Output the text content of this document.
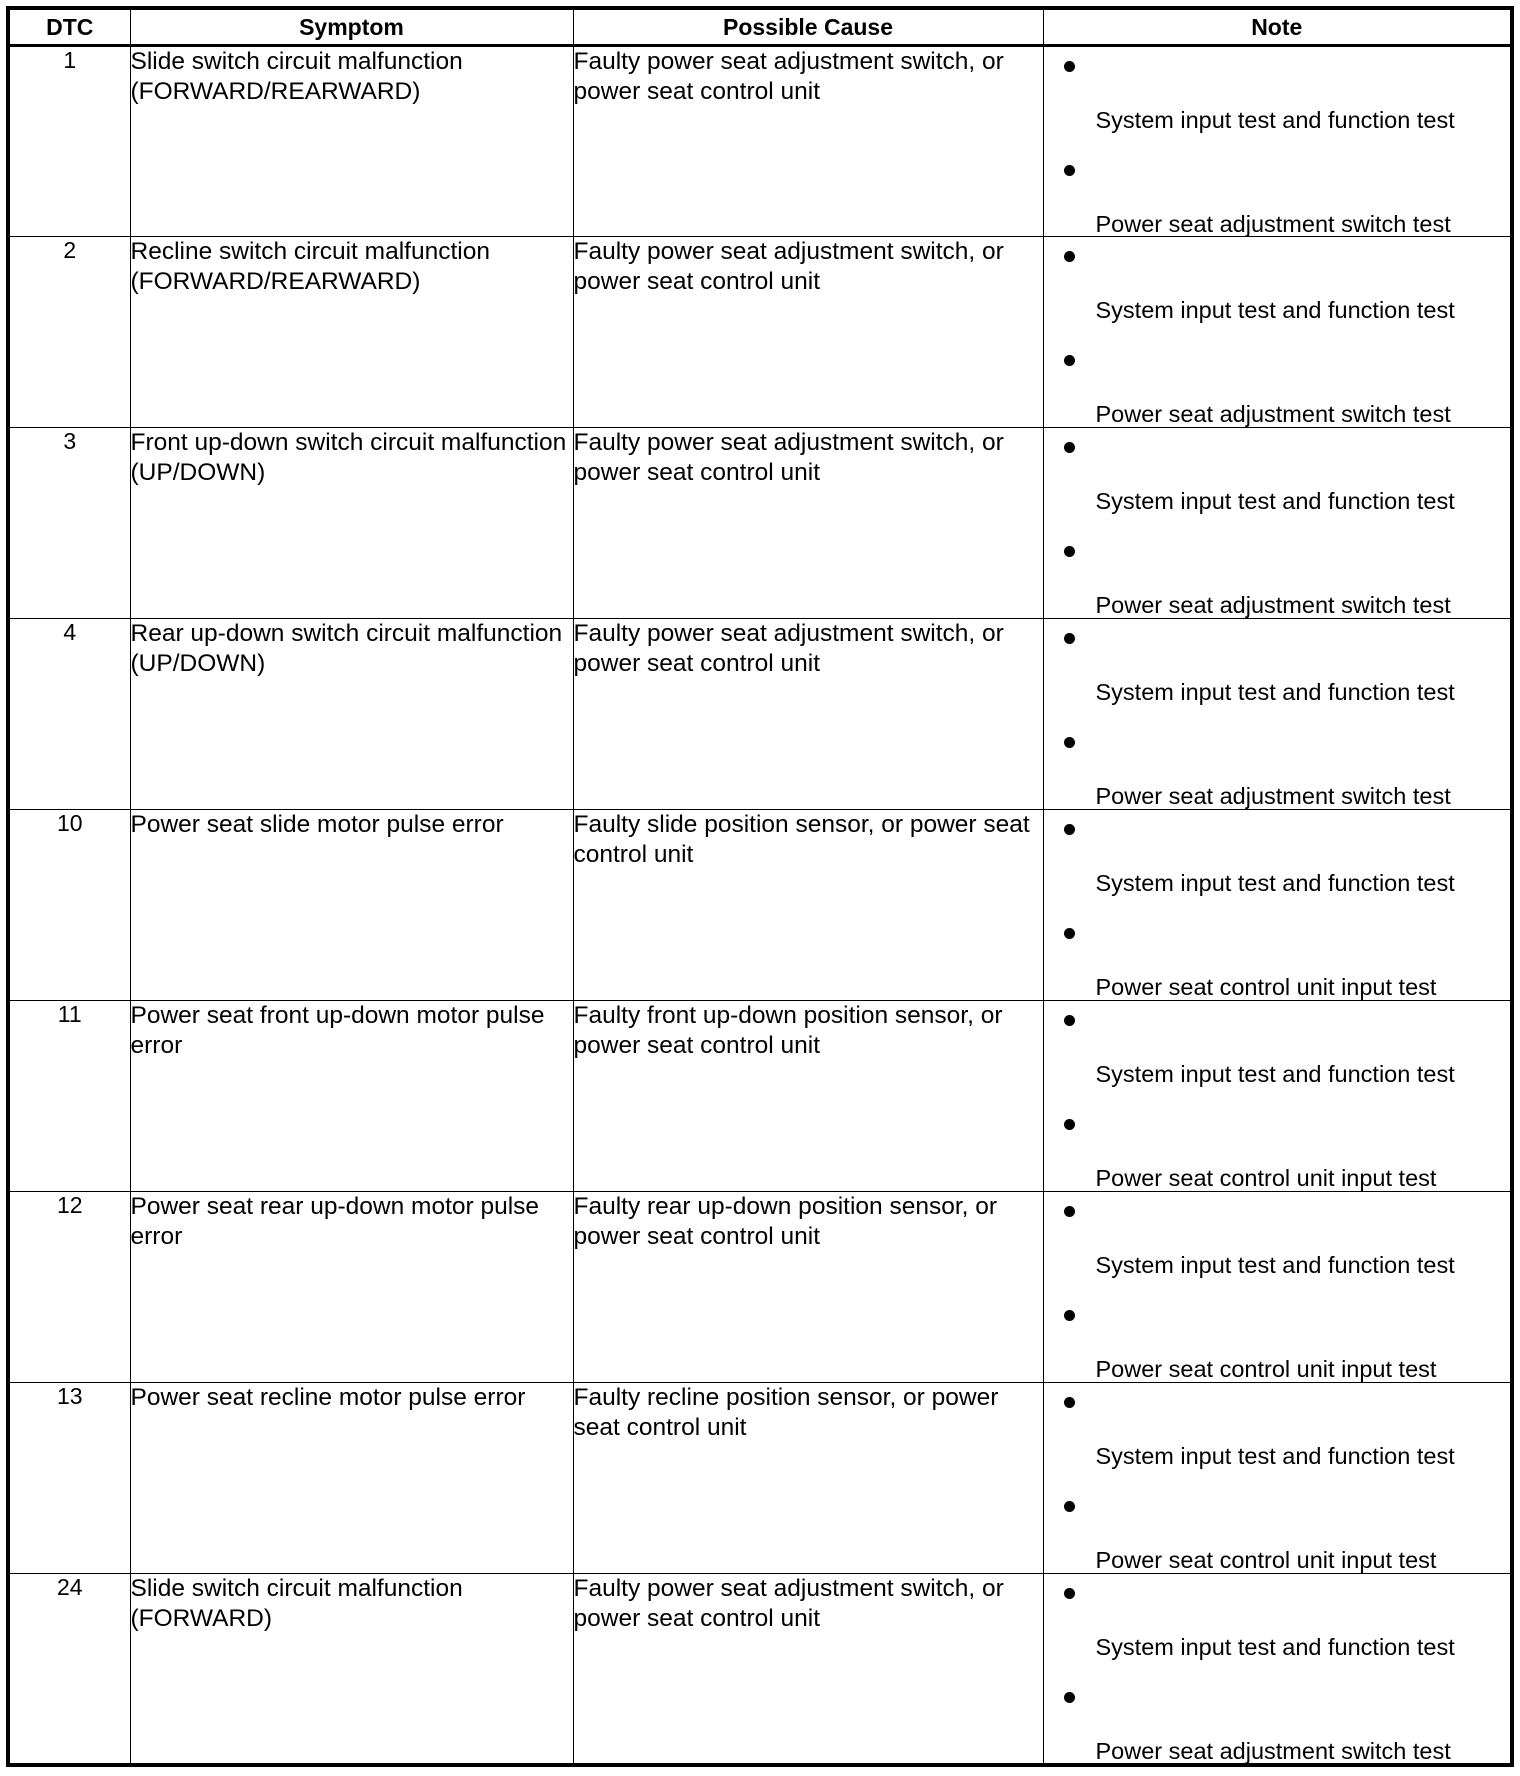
DTC	Symptom	Possible Cause	Note
1	Slide switch circuit malfunction (FORWARD/REARWARD)	Faulty power seat adjustment switch, or power seat control unit	System input test and function test
Power seat adjustment switch test

2	Recline switch circuit malfunction (FORWARD/REARWARD)	Faulty power seat adjustment switch, or power seat control unit	System input test and function test
Power seat adjustment switch test

3	Front up-down switch circuit malfunction (UP/DOWN)	Faulty power seat adjustment switch, or power seat control unit	System input test and function test
Power seat adjustment switch test

4	Rear up-down switch circuit malfunction (UP/DOWN)	Faulty power seat adjustment switch, or power seat control unit	System input test and function test
Power seat adjustment switch test

10	Power seat slide motor pulse error	Faulty slide position sensor, or power seat control unit	System input test and function test
Power seat control unit input test

11	Power seat front up-down motor pulse error	Faulty front up-down position sensor, or power seat control unit	System input test and function test
Power seat control unit input test

12	Power seat rear up-down motor pulse error	Faulty rear up-down position sensor, or power seat control unit	System input test and function test
Power seat control unit input test

13	Power seat recline motor pulse error	Faulty recline position sensor, or power seat control unit	System input test and function test
Power seat control unit input test

24	Slide switch circuit malfunction (FORWARD)	Faulty power seat adjustment switch, or power seat control unit	System input test and function test
Power seat adjustment switch test
